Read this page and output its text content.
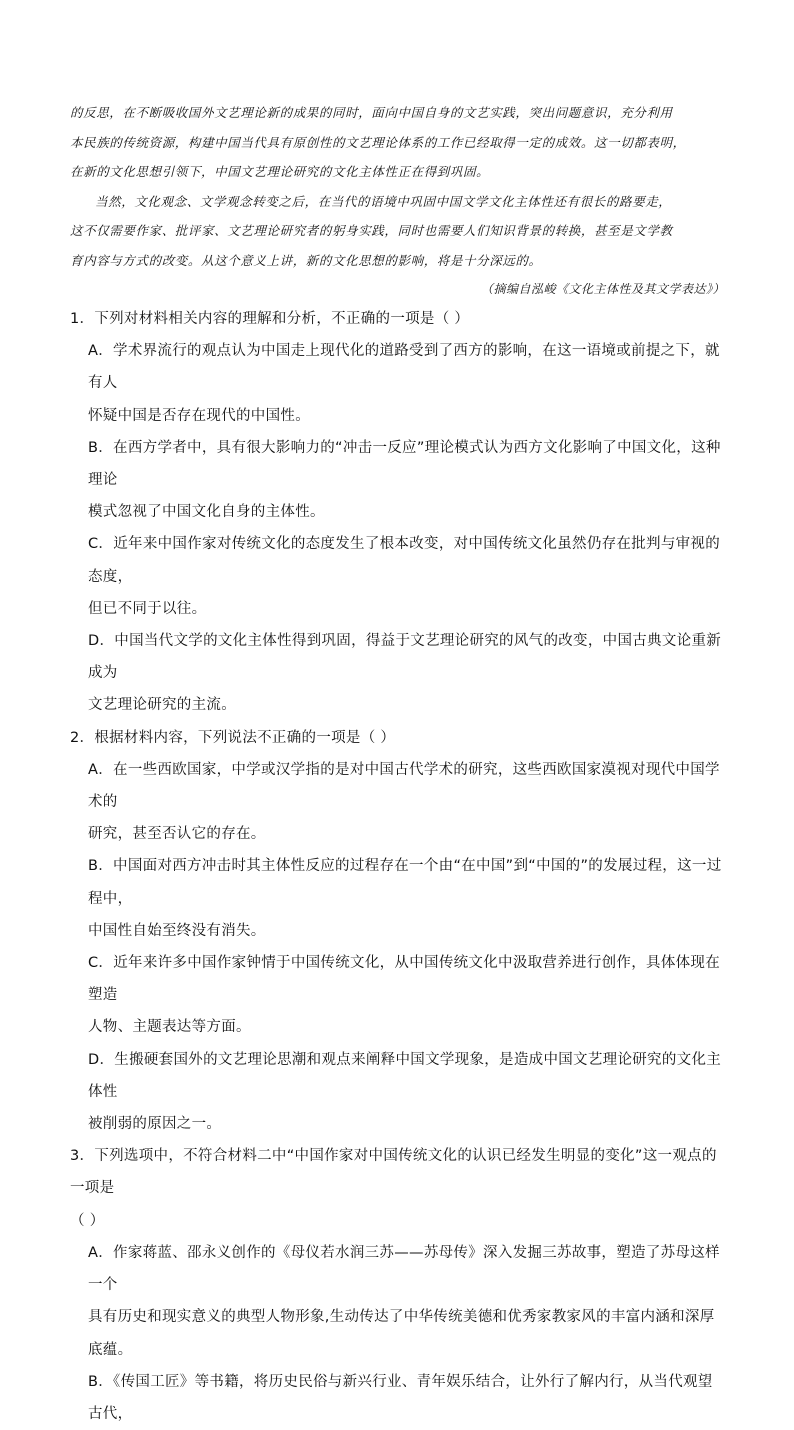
的反思，在不断吸收国外文艺理论新的成果的同时，面向中国自身的文艺实践，突出问题意识，充分利用
本民族的传统资源，构建中国当代具有原创性的文艺理论体系的工作已经取得一定的成效。这一切都表明，
在新的文化思想引领下，中国文艺理论研究的文化主体性正在得到巩固。

当然，文化观念、文学观念转变之后，在当代的语境中巩固中国文学文化主体性还有很长的路要走，
这不仅需要作家、批评家、文艺理论研究者的躬身实践，同时也需要人们知识背景的转换，甚至是文学教
育内容与方式的改变。从这个意义上讲，新的文化思想的影响，将是十分深远的。

（摘编自泓峻《文化主体性及其文学表达》）

1．下列对材料相关内容的理解和分析，不正确的一项是（ ）

A．学术界流行的观点认为中国走上现代化的道路受到了西方的影响，在这一语境或前提之下，就有人
怀疑中国是否存在现代的中国性。
B．在西方学者中，具有很大影响力的“冲击一反应”理论模式认为西方文化影响了中国文化，这种理论
模式忽视了中国文化自身的主体性。
C．近年来中国作家对传统文化的态度发生了根本改变，对中国传统文化虽然仍存在批判与审视的态度，
但已不同于以往。
D．中国当代文学的文化主体性得到巩固，得益于文艺理论研究的风气的改变，中国古典文论重新成为
文艺理论研究的主流。

2．根据材料内容，下列说法不正确的一项是（ ）

A．在一些西欧国家，中学或汉学指的是对中国古代学术的研究，这些西欧国家漠视对现代中国学术的
研究，甚至否认它的存在。
B．中国面对西方冲击时其主体性反应的过程存在一个由“在中国”到“中国的”的发展过程，这一过程中，
中国性自始至终没有消失。
C．近年来许多中国作家钟情于中国传统文化，从中国传统文化中汲取营养进行创作，具体体现在塑造
人物、主题表达等方面。
D．生搬硬套国外的文艺理论思潮和观点来阐释中国文学现象，是造成中国文艺理论研究的文化主体性
被削弱的原因之一。

3．下列选项中，不符合材料二中“中国作家对中国传统文化的认识已经发生明显的变化”这一观点的一项是

（ ）

A．作家蒋蓝、邵永义创作的《母仪若水润三苏——苏母传》深入发掘三苏故事，塑造了苏母这样一个
具有历史和现实意义的典型人物形象,生动传达了中华传统美德和优秀家教家风的丰富内涵和深厚底蕴。
B．《传国工匠》等书籍，将历史民俗与新兴行业、青年娱乐结合，让外行了解内行，从当代观望古代，
